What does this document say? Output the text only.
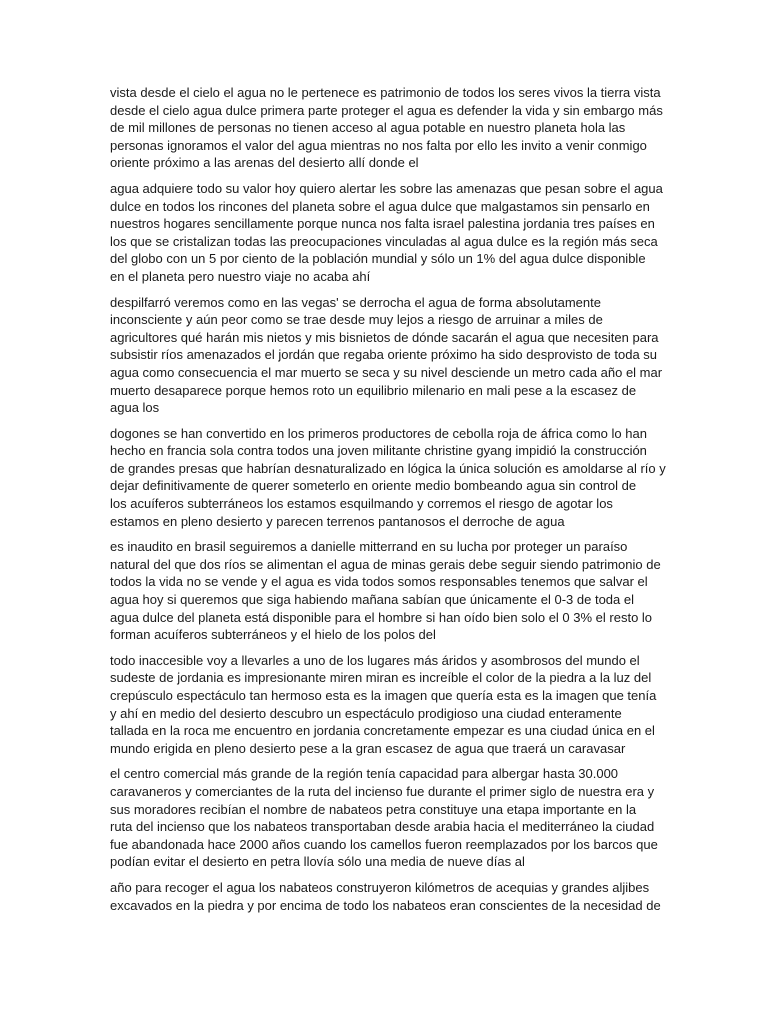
vista desde el cielo el agua no le pertenece es patrimonio de todos los seres vivos la tierra vista
desde el cielo agua dulce primera parte proteger el agua es defender la vida y sin embargo más
de mil millones de personas no tienen acceso al agua potable en nuestro planeta hola las
personas ignoramos el valor del agua mientras no nos falta por ello les invito a venir conmigo
oriente próximo a las arenas del desierto allí donde el

agua adquiere todo su valor hoy quiero alertar les sobre las amenazas que pesan sobre el agua
dulce en todos los rincones del planeta sobre el agua dulce que malgastamos sin pensarlo en
nuestros hogares sencillamente porque nunca nos falta israel palestina jordania tres países en
los que se cristalizan todas las preocupaciones vinculadas al agua dulce es la región más seca
del globo con un 5 por ciento de la población mundial y sólo un 1% del agua dulce disponible
en el planeta pero nuestro viaje no acaba ahí

despilfarró veremos como en las vegas' se derrocha el agua de forma absolutamente
inconsciente y aún peor como se trae desde muy lejos a riesgo de arruinar a miles de
agricultores qué harán mis nietos y mis bisnietos de dónde sacarán el agua que necesiten para
subsistir ríos amenazados el jordán que regaba oriente próximo ha sido desprovisto de toda su
agua como consecuencia el mar muerto se seca y su nivel desciende un metro cada año el mar
muerto desaparece porque hemos roto un equilibrio milenario en mali pese a la escasez de
agua los

dogones se han convertido en los primeros productores de cebolla roja de áfrica como lo han
hecho en francia sola contra todos una joven militante christine gyang impidió la construcción
de grandes presas que habrían desnaturalizado en lógica la única solución es amoldarse al río y
dejar definitivamente de querer someterlo en oriente medio bombeando agua sin control de
los acuíferos subterráneos los estamos esquilmando y corremos el riesgo de agotar los
estamos en pleno desierto y parecen terrenos pantanosos el derroche de agua

es inaudito en brasil seguiremos a danielle mitterrand en su lucha por proteger un paraíso
natural del que dos ríos se alimentan el agua de minas gerais debe seguir siendo patrimonio de
todos la vida no se vende y el agua es vida todos somos responsables tenemos que salvar el
agua hoy si queremos que siga habiendo mañana sabían que únicamente el 0-3 de toda el
agua dulce del planeta está disponible para el hombre si han oído bien solo el 0 3% el resto lo
forman acuíferos subterráneos y el hielo de los polos del

todo inaccesible voy a llevarles a uno de los lugares más áridos y asombrosos del mundo el
sudeste de jordania es impresionante miren miran es increíble el color de la piedra a la luz del
crepúsculo espectáculo tan hermoso esta es la imagen que quería esta es la imagen que tenía
y ahí en medio del desierto descubro un espectáculo prodigioso una ciudad enteramente
tallada en la roca me encuentro en jordania concretamente empezar es una ciudad única en el
mundo erigida en pleno desierto pese a la gran escasez de agua que traerá un caravasar

el centro comercial más grande de la región tenía capacidad para albergar hasta 30.000
caravaneros y comerciantes de la ruta del incienso fue durante el primer siglo de nuestra era y
sus moradores recibían el nombre de nabateos petra constituye una etapa importante en la
ruta del incienso que los nabateos transportaban desde arabia hacia el mediterráneo la ciudad
fue abandonada hace 2000 años cuando los camellos fueron reemplazados por los barcos que
podían evitar el desierto en petra llovía sólo una media de nueve días al

año para recoger el agua los nabateos construyeron kilómetros de acequias y grandes aljibes
excavados en la piedra y por encima de todo los nabateos eran conscientes de la necesidad de
